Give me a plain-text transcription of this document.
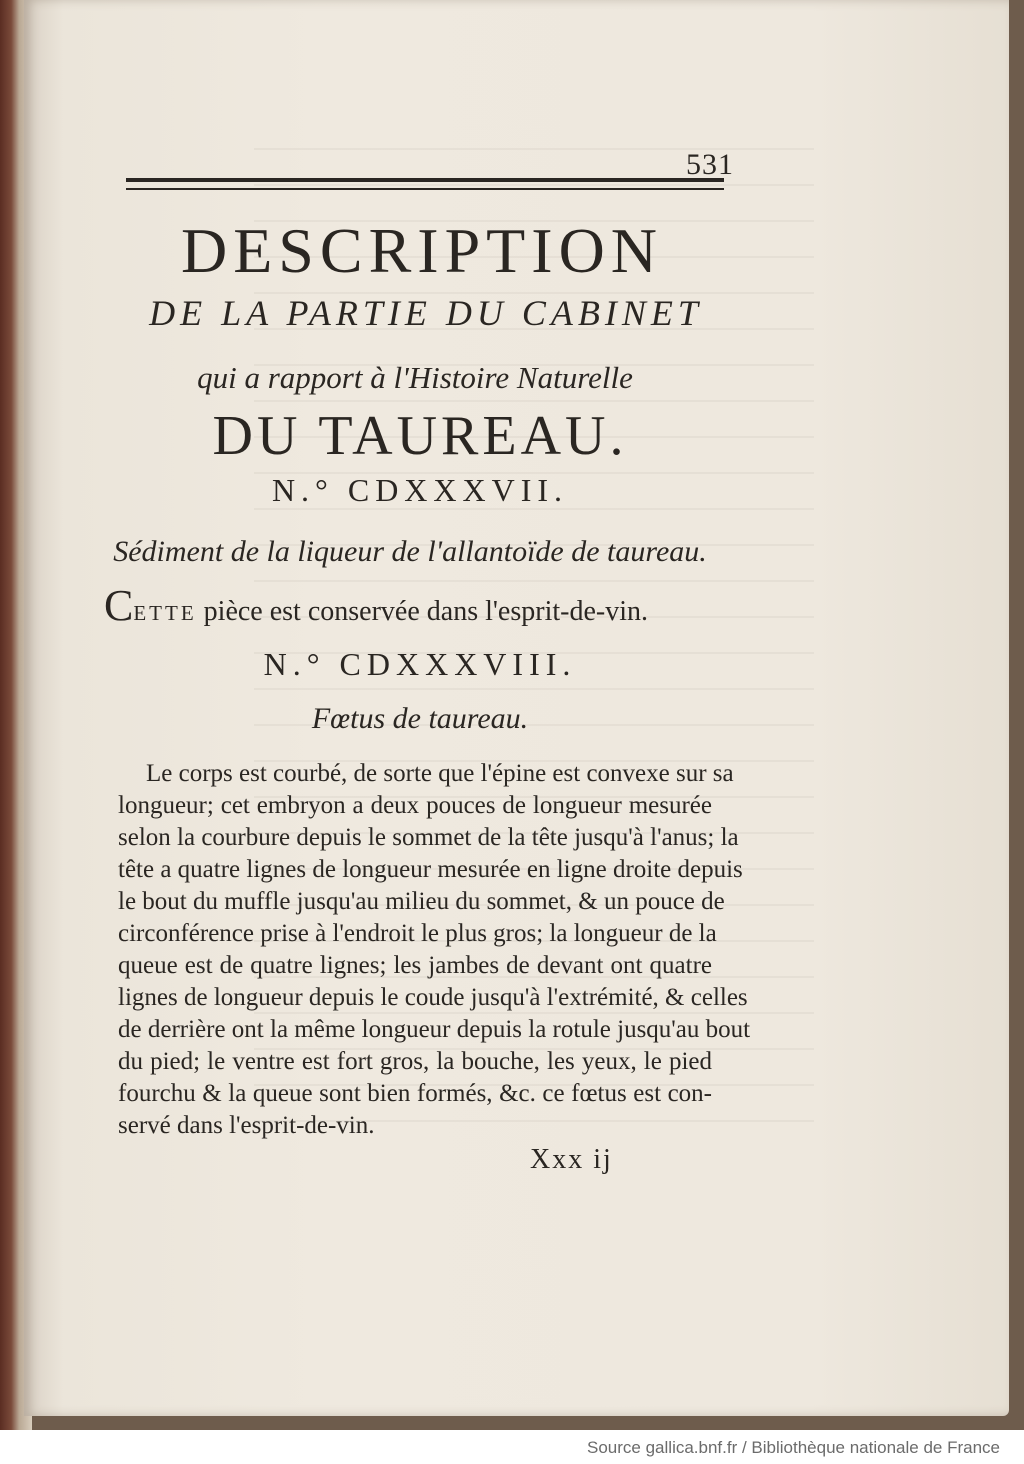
531
DESCRIPTION
DE LA PARTIE DU CABINET
qui a rapport à l'Histoire Naturelle
DU TAUREAU.
N.° CDXXXVII.
Sédiment de la liqueur de l'allantoïde de taureau.
CETTE pièce est conservée dans l'esprit-de-vin.
N.° CDXXXVIII.
Fœtus de taureau.
Le corps est courbé, de sorte que l'épine est convexe sur sa
longueur; cet embryon a deux pouces de longueur mesurée
selon la courbure depuis le sommet de la tête jusqu'à l'anus; la
tête a quatre lignes de longueur mesurée en ligne droite depuis
le bout du muffle jusqu'au milieu du sommet, & un pouce de
circonférence prise à l'endroit le plus gros; la longueur de la
queue est de quatre lignes; les jambes de devant ont quatre
lignes de longueur depuis le coude jusqu'à l'extrémité, & celles
de derrière ont la même longueur depuis la rotule jusqu'au bout
du pied; le ventre est fort gros, la bouche, les yeux, le pied
fourchu & la queue sont bien formés, &c. ce fœtus est con-
servé dans l'esprit-de-vin.
Xxx ij
Source gallica.bnf.fr / Bibliothèque nationale de France
